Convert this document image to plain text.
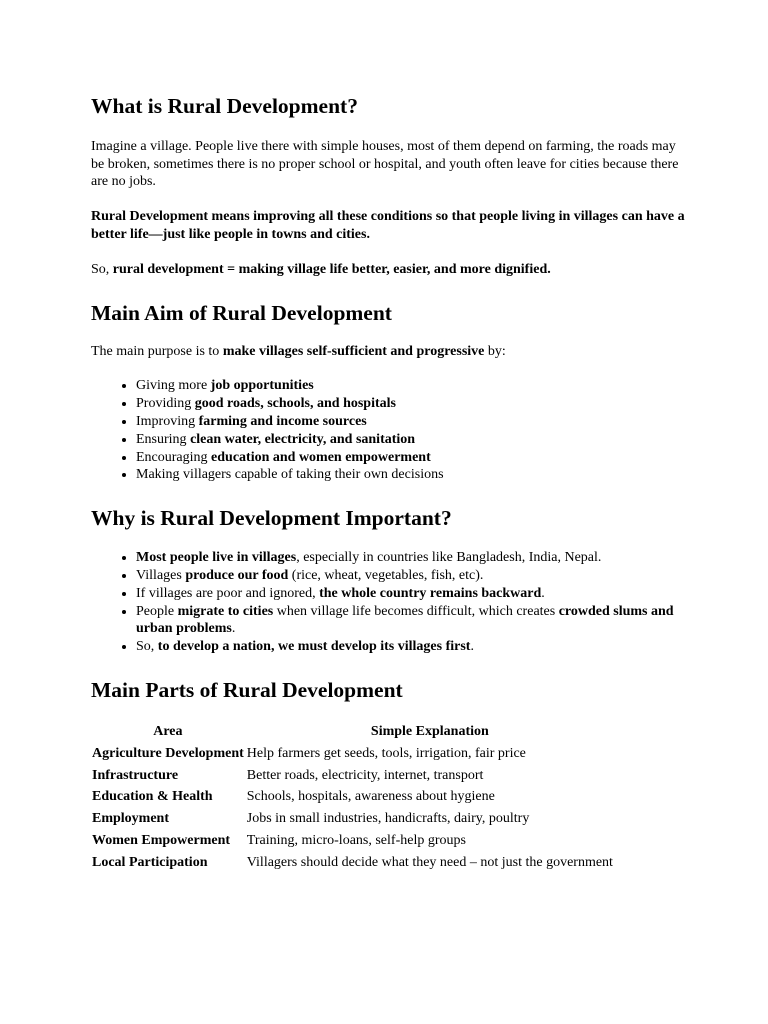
What is Rural Development?

Imagine a village. People live there with simple houses, most of them depend on farming, the roads may be broken, sometimes there is no proper school or hospital, and youth often leave for cities because there are no jobs.

Rural Development means improving all these conditions so that people living in villages can have a better life—just like people in towns and cities.

So, rural development = making village life better, easier, and more dignified.

Main Aim of Rural Development

The main purpose is to make villages self-sufficient and progressive by:

• Giving more job opportunities
• Providing good roads, schools, and hospitals
• Improving farming and income sources
• Ensuring clean water, electricity, and sanitation
• Encouraging education and women empowerment
• Making villagers capable of taking their own decisions
Why is Rural Development Important?
• Most people live in villages, especially in countries like Bangladesh, India, Nepal.
• Villages produce our food (rice, wheat, vegetables, fish, etc).
• If villages are poor and ignored, the whole country remains backward.
• People migrate to cities when village life becomes difficult, which creates crowded slums and urban problems.
• So, to develop a nation, we must develop its villages first.
Main Parts of Rural Development
Area	Simple Explanation
Agriculture Development	Help farmers get seeds, tools, irrigation, fair price
Infrastructure	Better roads, electricity, internet, transport
Education & Health	Schools, hospitals, awareness about hygiene
Employment	Jobs in small industries, handicrafts, dairy, poultry
Women Empowerment	Training, micro-loans, self-help groups
Local Participation	Villagers should decide what they need – not just the government
